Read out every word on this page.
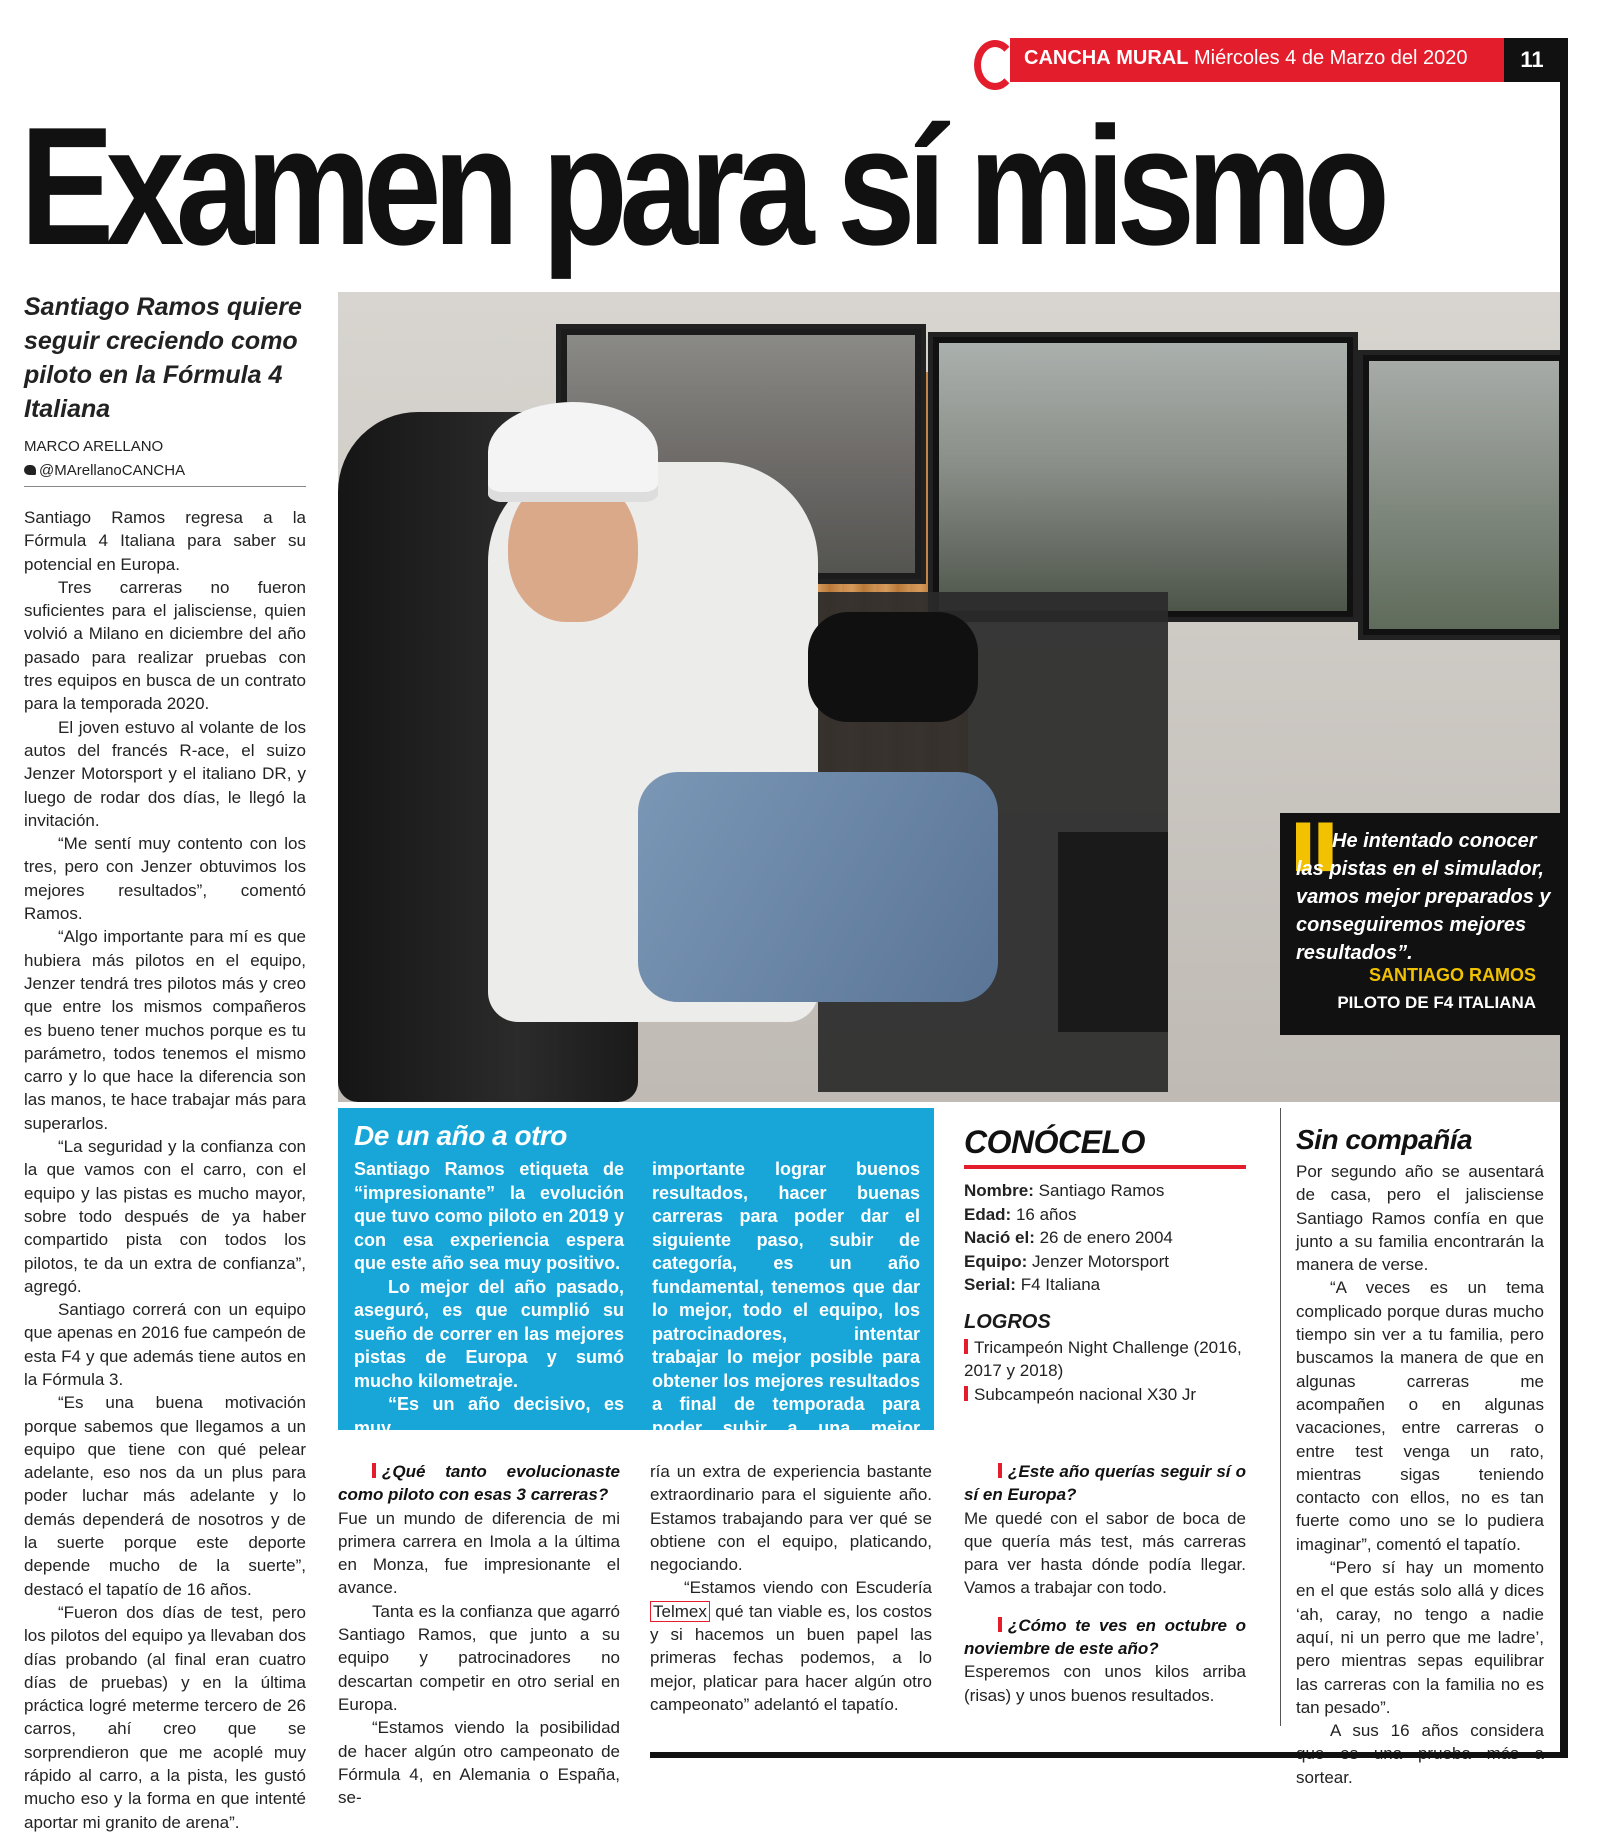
CANCHA MURAL Miércoles 4 de Marzo del 2020	11
Examen para sí mismo
Santiago Ramos quiere seguir creciendo como piloto en la Fórmula 4 Italiana
MARCO ARELLANO
@MArellanoCANCHA

Santiago Ramos regresa a la Fórmula 4 Italiana para saber su potencial en Europa.

Tres carreras no fueron suficientes para el jalisciense, quien volvió a Milano en diciembre del año pasado para realizar pruebas con tres equipos en busca de un contrato para la temporada 2020.

El joven estuvo al volante de los autos del francés R-ace, el suizo Jenzer Motorsport y el italiano DR, y luego de rodar dos días, le llegó la invitación.

“Me sentí muy contento con los tres, pero con Jenzer obtuvimos los mejores resultados”, comentó Ramos.

“Algo importante para mí es que hubiera más pilotos en el equipo, Jenzer tendrá tres pilotos más y creo que entre los mismos compañeros es bueno tener muchos porque es tu parámetro, todos tenemos el mismo carro y lo que hace la diferencia son las manos, te hace trabajar más para superarlos.

“La seguridad y la confianza con la que vamos con el carro, con el equipo y las pistas es mucho mayor, sobre todo después de ya haber compartido pista con todos los pilotos, te da un extra de confianza”, agregó.

Santiago correrá con un equipo que apenas en 2016 fue campeón de esta F4 y que además tiene autos en la Fórmula 3.

“Es una buena motivación porque sabemos que llegamos a un equipo que tiene con qué pelear adelante, eso nos da un plus para poder luchar más adelante y lo demás dependerá de nosotros y de la suerte porque este deporte depende mucho de la suerte”, destacó el tapatío de 16 años.

“Fueron dos días de test, pero los pilotos del equipo ya llevaban dos días probando (al final eran cuatro días de pruebas) y en la última práctica logré meterme tercero de 26 carros, ahí creo que se sorprendieron que me acoplé muy rápido al carro, a la pista, les gustó mucho eso y la forma en que intenté aportar mi granito de arena”.

▌▌
He intentado conocer las pistas en el simulador, vamos mejor preparados y conseguiremos mejores resultados”.
SANTIAGO RAMOS
PILOTO DE F4 ITALIANA
De un año a otro

Santiago Ramos etiqueta de “impresionante” la evolución que tuvo como piloto en 2019 y con esa experiencia espera que este año sea muy positivo.

Lo mejor del año pasado, aseguró, es que cumplió su sueño de correr en las mejores pistas de Europa y sumó mucho kilometraje.

“Es un año decisivo, es muy

importante lograr buenos resultados, hacer buenas carreras para poder dar el siguiente paso, subir de categoría, es un año fundamental, tenemos que dar lo mejor, todo el equipo, los patrocinadores, intentar trabajar lo mejor posible para obtener los mejores resultados a final de temporada para poder subir a una mejor categoría” dijo.

CONÓCELO
Nombre: Santiago Ramos
Edad: 16 años
Nació el: 26 de enero 2004
Equipo: Jenzer Motorsport
Serial: F4 Italiana
LOGROS
Tricampeón Night Challenge (2016, 2017 y 2018)
Subcampeón nacional X30 Jr
Sin compañía

Por segundo año se ausentará de casa, pero el jalisciense Santiago Ramos confía en que junto a su familia encontrarán la manera de verse.

“A veces es un tema complicado porque duras mucho tiempo sin ver a tu familia, pero buscamos la manera de que en algunas carreras me acompañen o en algunas vacaciones, entre carreras o entre test venga un rato, mientras sigas teniendo contacto con ellos, no es tan fuerte como uno se lo pudiera imaginar”, comentó el tapatío.

“Pero sí hay un momento en el que estás solo allá y dices ‘ah, caray, no tengo a nadie aquí, ni un perro que me ladre’, pero mientras sepas equilibrar las carreras con la familia no es tan pesado”.

A sus 16 años considera sortear.

¿Qué tanto evolucionaste como piloto con esas 3 carreras?

Fue un mundo de diferencia de mi primera carrera en Imola a la última en Monza, fue impresionante el avance.

Tanta es la confianza que agarró Santiago Ramos, que junto a su equipo y patrocinadores no descartan competir en otro serial en Europa.

“Estamos viendo la posibilidad de hacer algún otro campeonato de Fórmula 4, en Alemania o España, se-

ría un extra de experiencia bastante extraordinario para el siguiente año. Estamos trabajando para ver qué se obtiene con el equipo, platicando, negociando.

“Estamos viendo con Escudería Telmex qué tan viable es, los costos y si hacemos un buen papel las primeras fechas podemos, a lo mejor, platicar para hacer algún otro campeonato” adelantó el tapatío.

¿Este año querías seguir sí o sí en Europa?

Me quedé con el sabor de boca de que quería más test, más carreras para ver hasta dónde podía llegar. Vamos a trabajar con todo.

¿Cómo te ves en octubre o noviembre de este año?

Esperemos con unos kilos arriba (risas) y unos buenos resultados.
